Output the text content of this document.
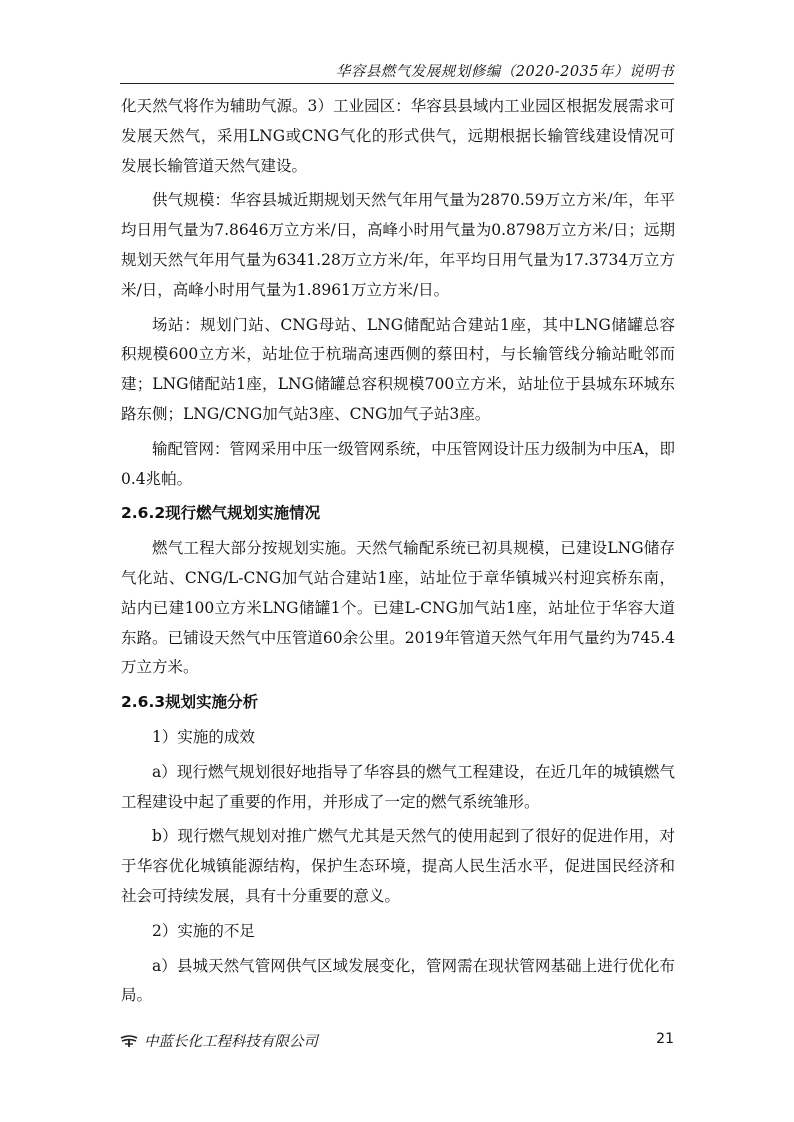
华容县燃气发展规划修编（2020-2035年）说明书

化天然气将作为辅助气源。3）工业园区：华容县县域内工业园区根据发展需求可发展天然气，采用LNG或CNG气化的形式供气，远期根据长输管线建设情况可发展长输管道天然气建设。

供气规模：华容县城近期规划天然气年用气量为2870.59万立方米/年，年平均日用气量为7.8646万立方米/日，高峰小时用气量为0.8798万立方米/日；远期规划天然气年用气量为6341.28万立方米/年，年平均日用气量为17.3734万立方米/日，高峰小时用气量为1.8961万立方米/日。

场站：规划门站、CNG母站、LNG储配站合建站1座，其中LNG储罐总容积规模600立方米，站址位于杭瑞高速西侧的蔡田村，与长输管线分输站毗邻而建；LNG储配站1座，LNG储罐总容积规模700立方米，站址位于县城东环城东路东侧；LNG/CNG加气站3座、CNG加气子站3座。

输配管网：管网采用中压一级管网系统，中压管网设计压力级制为中压A，即0.4兆帕。

2.6.2现行燃气规划实施情况

燃气工程大部分按规划实施。天然气输配系统已初具规模，已建设LNG储存气化站、CNG/L-CNG加气站合建站1座，站址位于章华镇城兴村迎宾桥东南，站内已建100立方米LNG储罐1个。已建L-CNG加气站1座，站址位于华容大道东路。已铺设天然气中压管道60余公里。2019年管道天然气年用气量约为745.4万立方米。

2.6.3规划实施分析

1）实施的成效

a）现行燃气规划很好地指导了华容县的燃气工程建设，在近几年的城镇燃气工程建设中起了重要的作用，并形成了一定的燃气系统雏形。

b）现行燃气规划对推广燃气尤其是天然气的使用起到了很好的促进作用，对于华容优化城镇能源结构，保护生态环境，提高人民生活水平，促进国民经济和社会可持续发展，具有十分重要的意义。

2）实施的不足

a）县城天然气管网供气区域发展变化，管网需在现状管网基础上进行优化布局。

中蓝长化工程科技有限公司	21
